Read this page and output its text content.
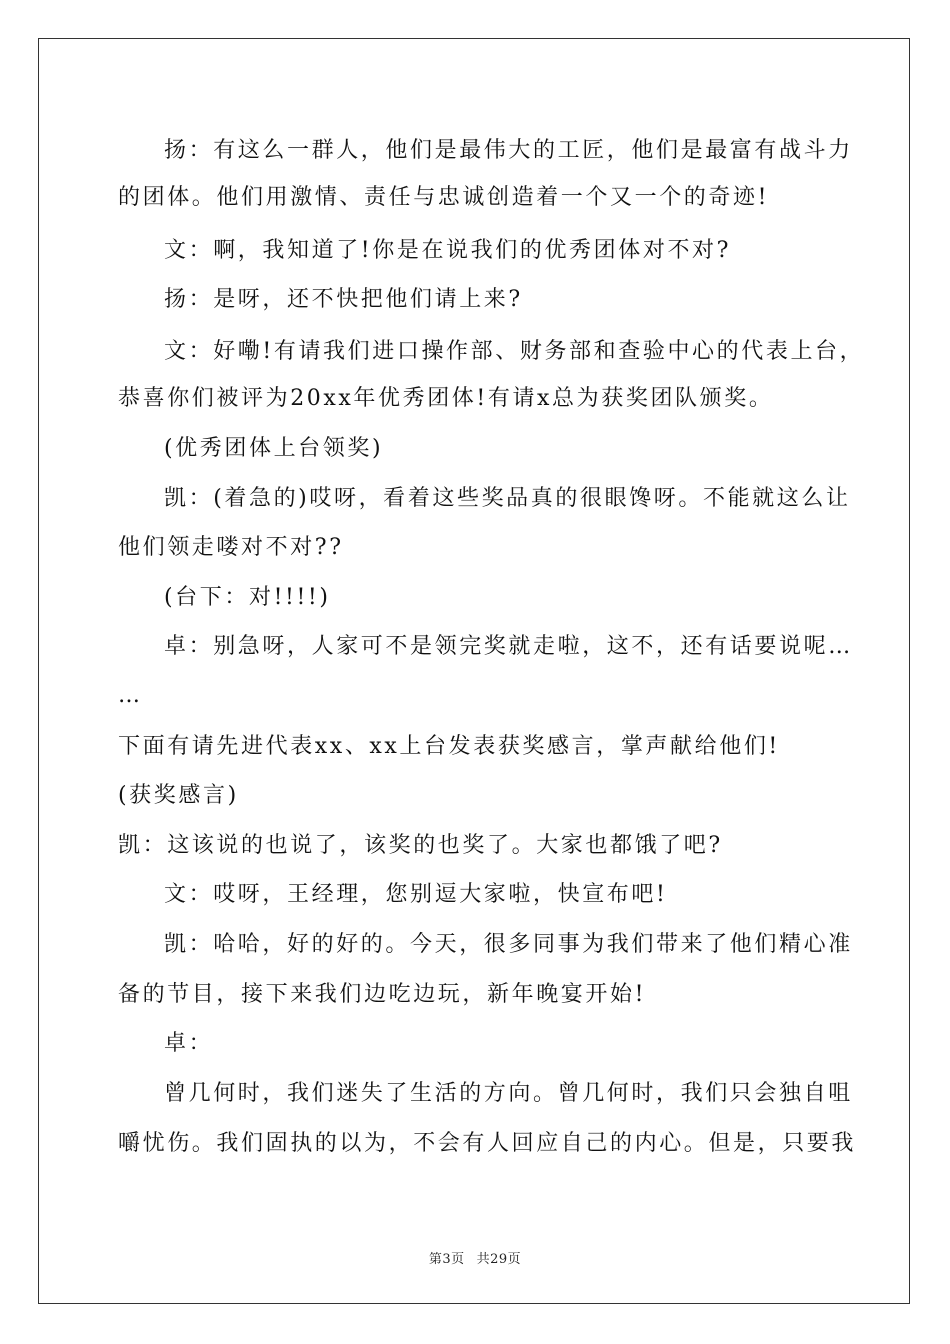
扬：有这么一群人，他们是最伟大的工匠，他们是最富有战斗力
的团体。他们用激情、责任与忠诚创造着一个又一个的奇迹!
文：啊，我知道了!你是在说我们的优秀团体对不对?
扬：是呀，还不快把他们请上来?
文：好嘞!有请我们进口操作部、财务部和查验中心的代表上台，
恭喜你们被评为20xx年优秀团体!有请x总为获奖团队颁奖。
(优秀团体上台领奖)
凯：(着急的)哎呀，看着这些奖品真的很眼馋呀。不能就这么让
他们领走喽对不对??
(台下：对!!!!)
卓：别急呀，人家可不是领完奖就走啦，这不，还有话要说呢…
…
下面有请先进代表xx、xx上台发表获奖感言，掌声献给他们!
(获奖感言)
凯：这该说的也说了，该奖的也奖了。大家也都饿了吧?
文：哎呀，王经理，您别逗大家啦，快宣布吧!
凯：哈哈，好的好的。今天，很多同事为我们带来了他们精心准
备的节目，接下来我们边吃边玩，新年晚宴开始!
卓：
曾几何时，我们迷失了生活的方向。曾几何时，我们只会独自咀
嚼忧伤。我们固执的以为，不会有人回应自己的内心。但是，只要我
第3页 共29页
